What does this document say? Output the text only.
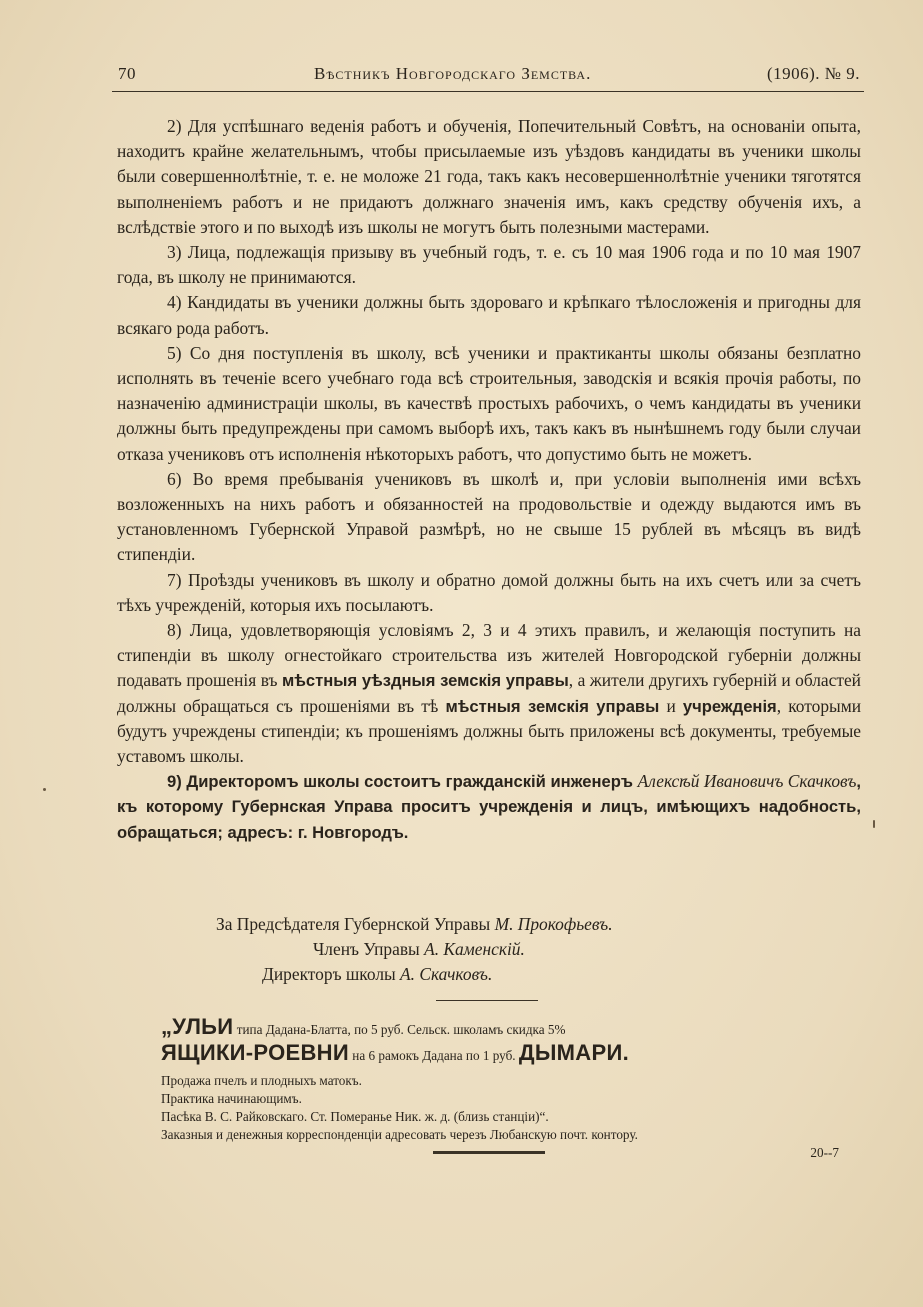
70	Вѣстникъ Новгородскаго Земства.	(1906). № 9.

2) Для успѣшнаго веденія работъ и обученія, Попечительный Совѣтъ, на основаніи опыта, находитъ крайне желательнымъ, чтобы присылаемые изъ уѣздовъ кандидаты въ ученики школы были совершеннолѣтніе, т. е. не моложе 21 года, такъ какъ несовершеннолѣтніе ученики тяготятся выполненіемъ работъ и не придаютъ должнаго значенія имъ, какъ средству обученія ихъ, а вслѣдствіе этого и по выходѣ изъ школы не могутъ быть полезными мастерами.

3) Лица, подлежащія призыву въ учебный годъ, т. е. съ 10 мая 1906 года и по 10 мая 1907 года, въ школу не принимаются.

4) Кандидаты въ ученики должны быть здороваго и крѣпкаго тѣлосложенія и пригодны для всякаго рода работъ.

5) Со дня поступленія въ школу, всѣ ученики и практиканты школы обязаны безплатно исполнять въ теченіе всего учебнаго года всѣ строительныя, заводскія и всякія прочія работы, по назначенію администраціи школы, въ качествѣ простыхъ рабочихъ, о чемъ кандидаты въ ученики должны быть предупреждены при самомъ выборѣ ихъ, такъ какъ въ нынѣшнемъ году были случаи отказа учениковъ отъ исполненія нѣкоторыхъ работъ, что допустимо быть не можетъ.

6) Во время пребыванія учениковъ въ школѣ и, при условіи выполненія ими всѣхъ возложенныхъ на нихъ работъ и обязанностей на продовольствіе и одежду выдаются имъ въ установленномъ Губернской Управой размѣрѣ, но не свыше 15 рублей въ мѣсяцъ въ видѣ стипендіи.

7) Проѣзды учениковъ въ школу и обратно домой должны быть на ихъ счетъ или за счетъ тѣхъ учрежденій, которыя ихъ посылаютъ.

8) Лица, удовлетворяющія условіямъ 2, 3 и 4 этихъ правилъ, и желающія поступить на стипендіи въ школу огнестойкаго строительства изъ жителей Новгородской губерніи должны подавать прошенія въ мѣстныя уѣздныя земскія управы, а жители другихъ губерній и областей должны обращаться съ прошеніями въ тѣ мѣстныя земскія управы и учрежденія, которыми будутъ учреждены стипендіи; къ прошеніямъ должны быть приложены всѣ документы, требуемые уставомъ школы.

9) Директоромъ школы состоитъ гражданскій инженеръ Алексѣй Ивановичъ Скачковъ, къ которому Губернская Управа проситъ учрежденія и лицъ, имѣющихъ надобность, обращаться; адресъ: г. Новгородъ.

За Предсѣдателя Губернской Управы М. Прокофьевъ.
Членъ Управы А. Каменскій.
Директоръ школы А. Скачковъ.
„УЛЬИ типа Дадана-Блатта, по 5 руб. Сельск. школамъ скидка 5%
ЯЩИКИ-РОЕВНИ на 6 рамокъ Дадана по 1 руб. ДЫМАРИ.
Продажа пчелъ и плодныхъ матокъ.
Практика начинающимъ.
Пасѣка В. С. Райковскаго. Ст. Померанье Ник. ж. д. (близь станціи)“.
Заказныя и денежныя корреспонденціи адресовать черезъ Любанскую почт. контору.
20--7
